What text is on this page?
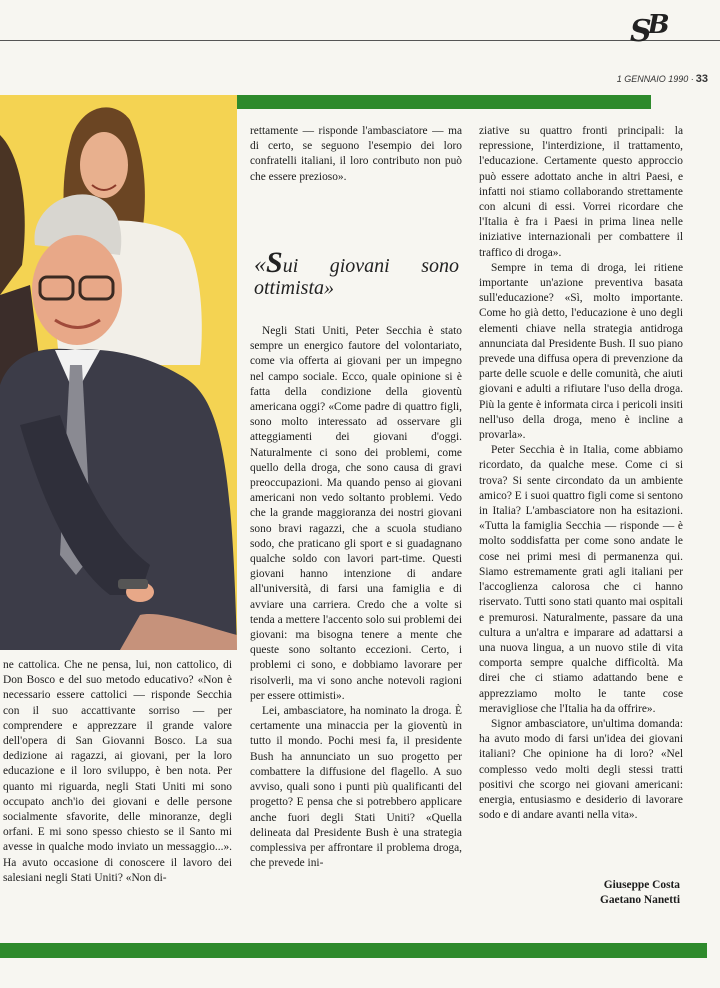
SB
1 GENNAIO 1990 · 33

ne cattolica. Che ne pensa, lui, non cattolico, di Don Bosco e del suo metodo educativo? «Non è necessario essere cattolici — risponde Secchia con il suo accattivante sorriso — per comprendere e apprezzare il grande valore dell'opera di San Giovanni Bosco. La sua dedizione ai ragazzi, ai giovani, per la loro educazione e il loro sviluppo, è ben nota. Per quanto mi riguarda, negli Stati Uniti mi sono occupato anch'io dei giovani e delle persone socialmente sfavorite, delle minoranze, degli orfani. E mi sono spesso chiesto se il Santo mi avesse in qualche modo inviato un messaggio...». Ha avuto occasione di conoscere il lavoro dei salesiani negli Stati Uniti? «Non di-

rettamente — risponde l'ambasciatore — ma di certo, se seguono l'esempio dei loro confratelli italiani, il loro contributo non può che essere prezioso».

«Sui giovani sono ottimista»

Negli Stati Uniti, Peter Secchia è stato sempre un energico fautore del volontariato, come via offerta ai giovani per un impegno nel campo sociale. Ecco, quale opinione si è fatta della condizione della gioventù americana oggi? «Come padre di quattro figli, sono molto interessato ad osservare gli atteggiamenti dei giovani d'oggi. Naturalmente ci sono dei problemi, come quello della droga, che sono causa di gravi preoccupazioni. Ma quando penso ai giovani americani non vedo soltanto problemi. Vedo che la grande maggioranza dei nostri giovani sono bravi ragazzi, che a scuola studiano sodo, che praticano gli sport e si guadagnano qualche soldo con lavori part-time. Questi giovani hanno intenzione di andare all'università, di farsi una famiglia e di avviare una carriera. Credo che a volte si tenda a mettere l'accento solo sui problemi dei giovani: ma bisogna tenere a mente che queste sono soltanto eccezioni. Certo, i problemi ci sono, e dobbiamo lavorare per risolverli, ma vi sono anche notevoli ragioni per essere ottimisti».

Lei, ambasciatore, ha nominato la droga. È certamente una minaccia per la gioventù in tutto il mondo. Pochi mesi fa, il presidente Bush ha annunciato un suo progetto per combattere la diffusione del flagello. A suo avviso, quali sono i punti più qualificanti del progetto? E pensa che si potrebbero applicare anche fuori degli Stati Uniti? «Quella delineata dal Presidente Bush è una strategia complessiva per affrontare il problema droga, che prevede ini-

ziative su quattro fronti principali: la repressione, l'interdizione, il trattamento, l'educazione. Certamente questo approccio può essere adottato anche in altri Paesi, e infatti noi stiamo collaborando strettamente con alcuni di essi. Vorrei ricordare che l'Italia è fra i Paesi in prima linea nelle iniziative internazionali per combattere il traffico di droga».

Sempre in tema di droga, lei ritiene importante un'azione preventiva basata sull'educazione? «Sì, molto importante. Come ho già detto, l'educazione è uno degli elementi chiave nella strategia antidroga annunciata dal Presidente Bush. Il suo piano prevede una diffusa opera di prevenzione da parte delle scuole e delle comunità, che aiuti giovani e adulti a rifiutare l'uso della droga. Più la gente è informata circa i pericoli insiti nell'uso della droga, meno è incline a provarla».

Peter Secchia è in Italia, come abbiamo ricordato, da qualche mese. Come ci si trova? Si sente circondato da un ambiente amico? E i suoi quattro figli come si sentono in Italia? L'ambasciatore non ha esitazioni. «Tutta la famiglia Secchia — risponde — è molto soddisfatta per come sono andate le cose nei primi mesi di permanenza qui. Siamo estremamente grati agli italiani per l'accoglienza calorosa che ci hanno riservato. Tutti sono stati quanto mai ospitali e premurosi. Naturalmente, passare da una cultura a un'altra e imparare ad adattarsi a una nuova lingua, a un nuovo stile di vita comporta sempre qualche difficoltà. Ma direi che ci stiamo adattando bene e apprezziamo molto le tante cose meravigliose che l'Italia ha da offrire».

Signor ambasciatore, un'ultima domanda: ha avuto modo di farsi un'idea dei giovani italiani? Che opinione ha di loro? «Nel complesso vedo molti degli stessi tratti positivi che scorgo nei giovani americani: energia, entusiasmo e desiderio di lavorare sodo e di andare avanti nella vita».

Giuseppe Costa
Gaetano Nanetti
